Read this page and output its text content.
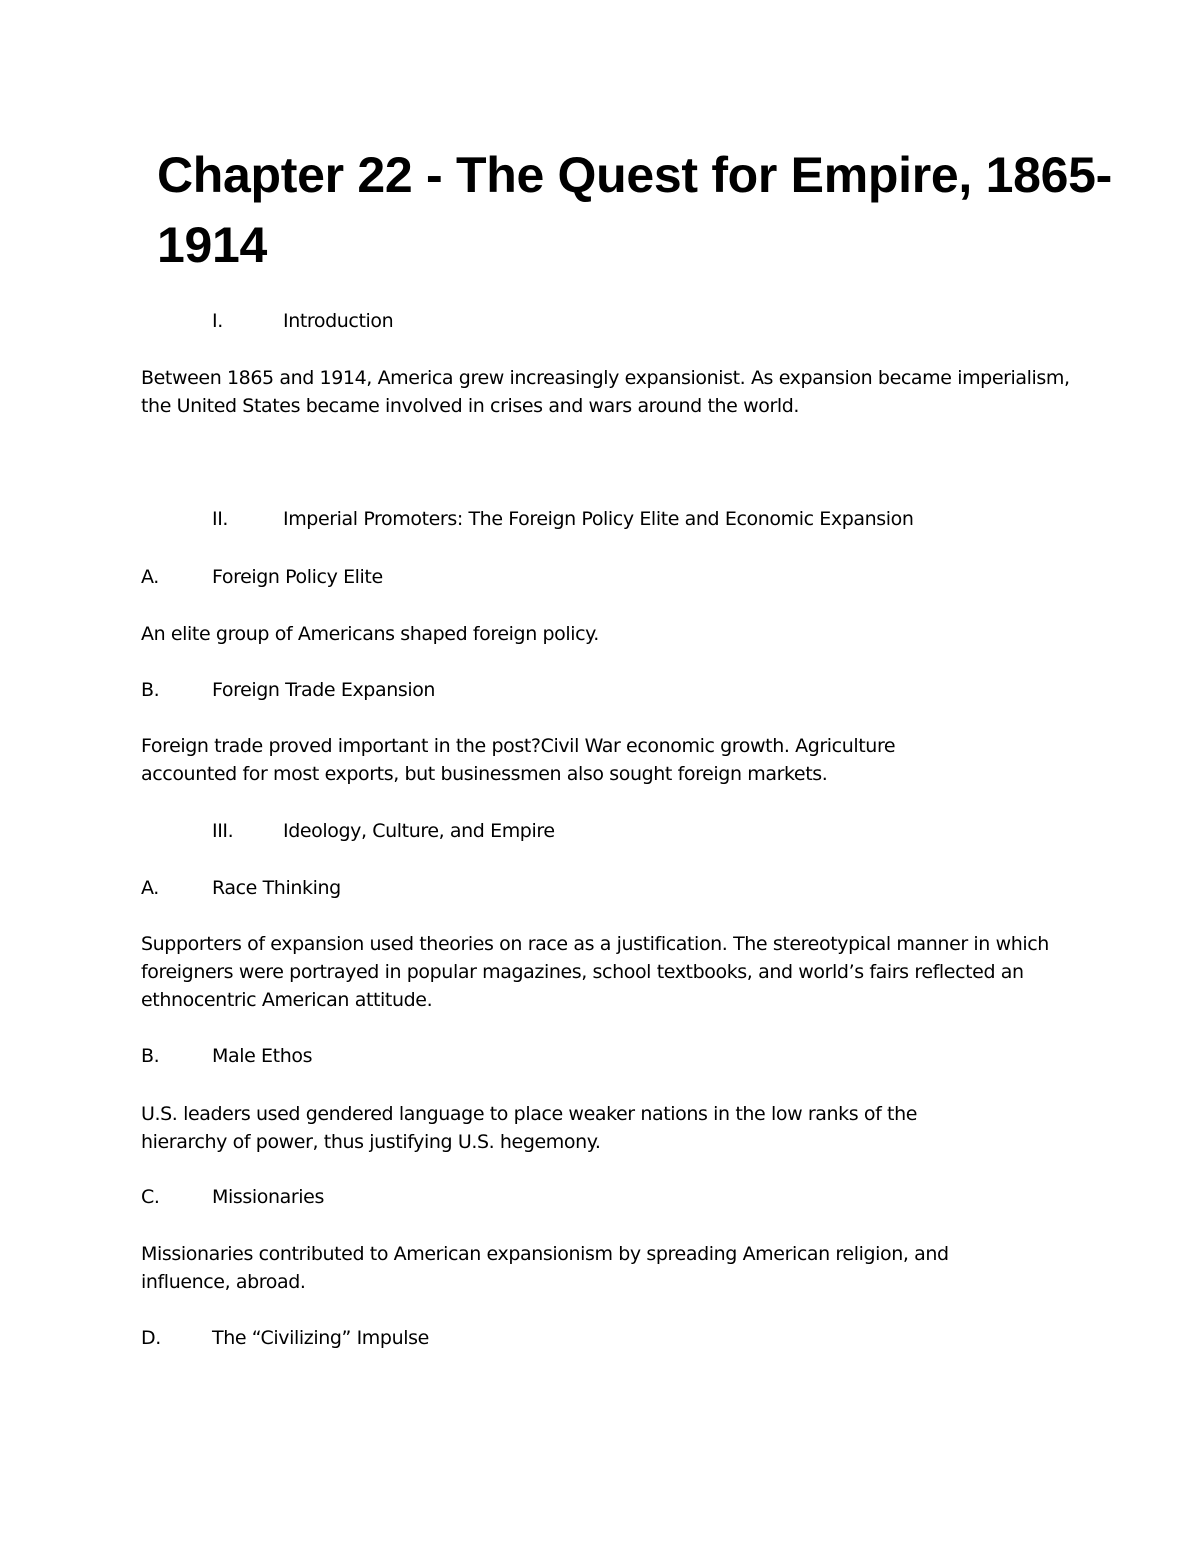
Chapter 22 - The Quest for Empire, 1865-1914
I.	Introduction

Between 1865 and 1914, America grew increasingly expansionist. As expansion became imperialism, the United States became involved in crises and wars around the world.

II.	Imperial Promoters: The Foreign Policy Elite and Economic Expansion
A.	Foreign Policy Elite

An elite group of Americans shaped foreign policy.

B.	Foreign Trade Expansion

Foreign trade proved important in the post?Civil War economic growth. Agriculture accounted for most exports, but businessmen also sought foreign markets.

III.	Ideology, Culture, and Empire
A.	Race Thinking

Supporters of expansion used theories on race as a justification. The stereotypical manner in which foreigners were portrayed in popular magazines, school textbooks, and world’s fairs reflected an ethnocentric American attitude.

B.	Male Ethos

U.S. leaders used gendered language to place weaker nations in the low ranks of the hierarchy of power, thus justifying U.S. hegemony.

C.	Missionaries

Missionaries contributed to American expansionism by spreading American religion, and influence, abroad.

D.	The “Civilizing” Impulse
